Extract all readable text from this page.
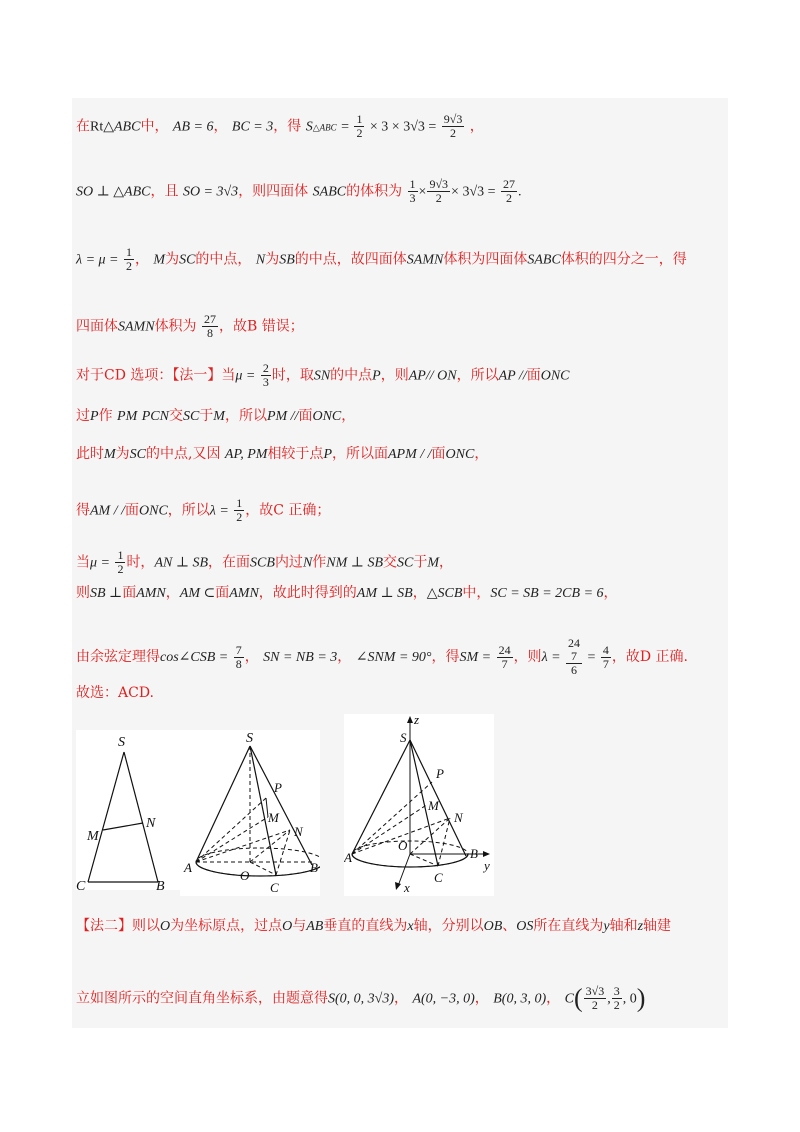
在Rt△ABC中， AB = 6， BC = 3，得 S△ABC = $\frac{1}{2} \times 3 \times 3√3 = \frac{9√3}{2}$ ，
SO ⊥ △ABC，且 SO = 3√3，则四面体 SABC的体积为 $\frac{1}{3} \times \frac{9√3}{2} \times 3√3 = \frac{27}{2}$ .
$\lambda = \mu = \frac{1}{2}$ ， M为SC的中点， N为SB的中点，故四面体SAMN体积为四面体SABC体积的四分之一，得
四面体SAMN体积为 $\frac{27}{8}$ ，故B 错误；
对于CD 选项：【法一】当$\mu = \frac{2}{3}$ 时，取SN的中点P，则AP// ON，所以AP //面ONC
过P作 PM PCN交SC于M，所以PM //面ONC，
此时M为SC的中点,又因 AP, PM相较于点P，所以面APM / /面ONC，
得AM / /面ONC，所以$\lambda = \frac{1}{2}$ ，故C 正确；
当$\mu = \frac{1}{2}$ 时，AN ⊥ SB，在面SCB内过N作NM ⊥ SB交SC于M，
则SB ⊥面AMN，AM ⊂面AMN，故此时得到的AM ⊥ SB，△SCB中，SC = SB = 2CB = 6，
由余弦定理得cos∠CSB = $\frac{7}{8}$ ， SN = NB = 3， ∠SNM = 90°，得SM = $\frac{24}{7}$ ，则λ =
24
7
6
= $\frac{4}{7}$ ，故D 正确.
故选：ACD.
S
M
N
C	B
S
P
M
N
A
O
C
B
z
S
P
M
N
A
O
B
y
C
x
【法二】则以O为坐标原点，过点O与AB垂直的直线为x轴，分别以OB、OS所在直线为y轴和z轴建
立如图所示的空间直角坐标系，由题意得S(0, 0, 3√3)， A(0, −3, 0)， B(0, 3, 0)， $C( \frac{3√3}{2}$ , $\frac{3}{2}$ , 0)
